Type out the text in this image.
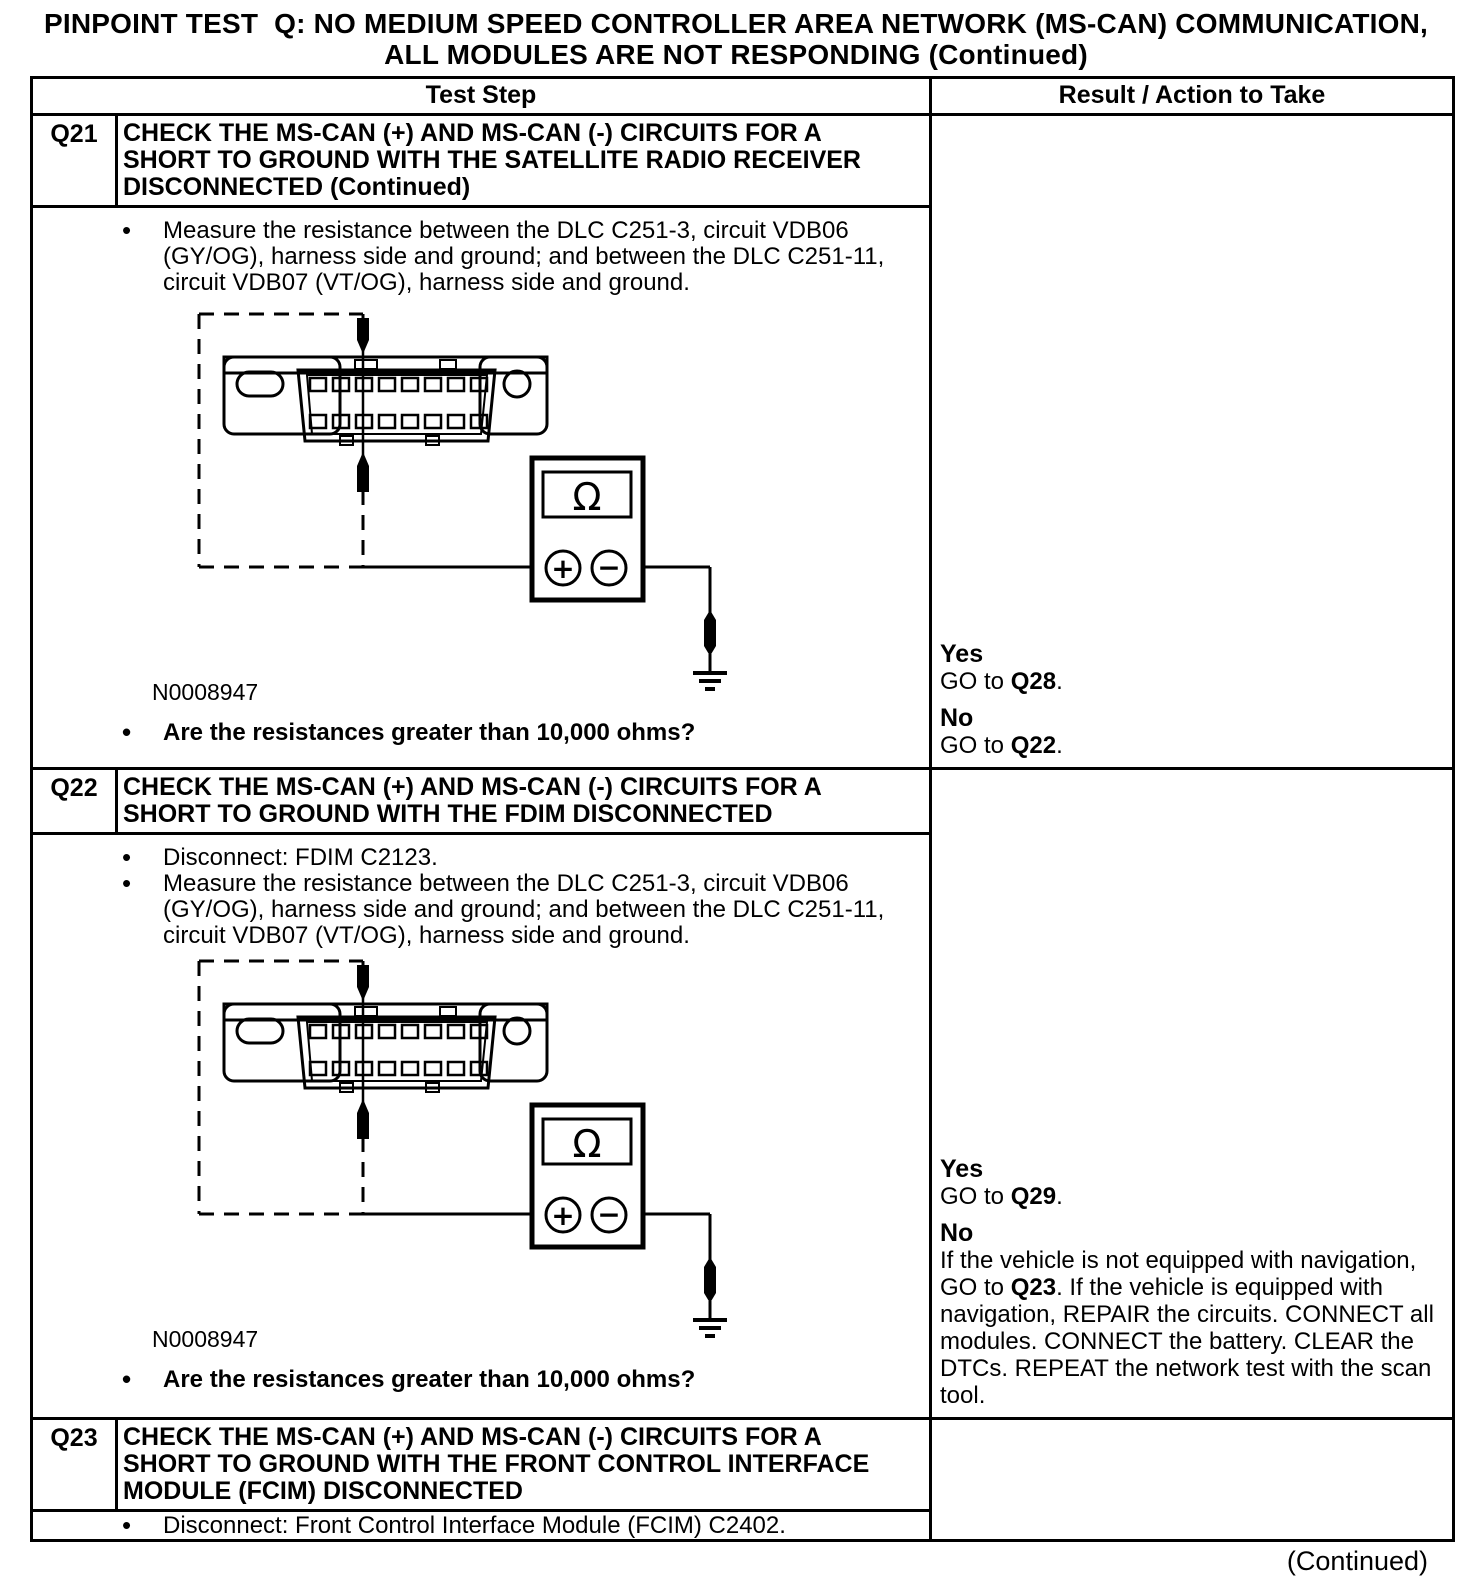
PINPOINT TEST  Q: NO MEDIUM SPEED CONTROLLER AREA NETWORK (MS-CAN) COMMUNICATION,
ALL MODULES ARE NOT RESPONDING (Continued)
Test Step	Result / Action to Take
Q21	CHECK THE MS-CAN (+) AND MS-CAN (-) CIRCUITS FOR A SHORT TO GROUND WITH THE SATELLITE RADIO RECEIVER DISCONNECTED (Continued)
• Measure the resistance between the DLC C251-3, circuit VDB06 (GY/OG), harness side and ground; and between the DLC C251-11, circuit VDB07 (VT/OG), harness side and ground.
N0008947
• Are the resistances greater than 10,000 ohms?
Yes
GO to Q28.
No
GO to Q22.
Q22	CHECK THE MS-CAN (+) AND MS-CAN (-) CIRCUITS FOR A SHORT TO GROUND WITH THE FDIM DISCONNECTED
• Disconnect: FDIM C2123.
• Measure the resistance between the DLC C251-3, circuit VDB06 (GY/OG), harness side and ground; and between the DLC C251-11, circuit VDB07 (VT/OG), harness side and ground.
N0008947
• Are the resistances greater than 10,000 ohms?
Yes
GO to Q29.
No
If the vehicle is not equipped with navigation, GO to Q23. If the vehicle is equipped with navigation, REPAIR the circuits. CONNECT all modules. CONNECT the battery. CLEAR the DTCs. REPEAT the network test with the scan tool.
Q23	CHECK THE MS-CAN (+) AND MS-CAN (-) CIRCUITS FOR A SHORT TO GROUND WITH THE FRONT CONTROL INTERFACE MODULE (FCIM) DISCONNECTED
• Disconnect: Front Control Interface Module (FCIM) C2402.
(Continued)
